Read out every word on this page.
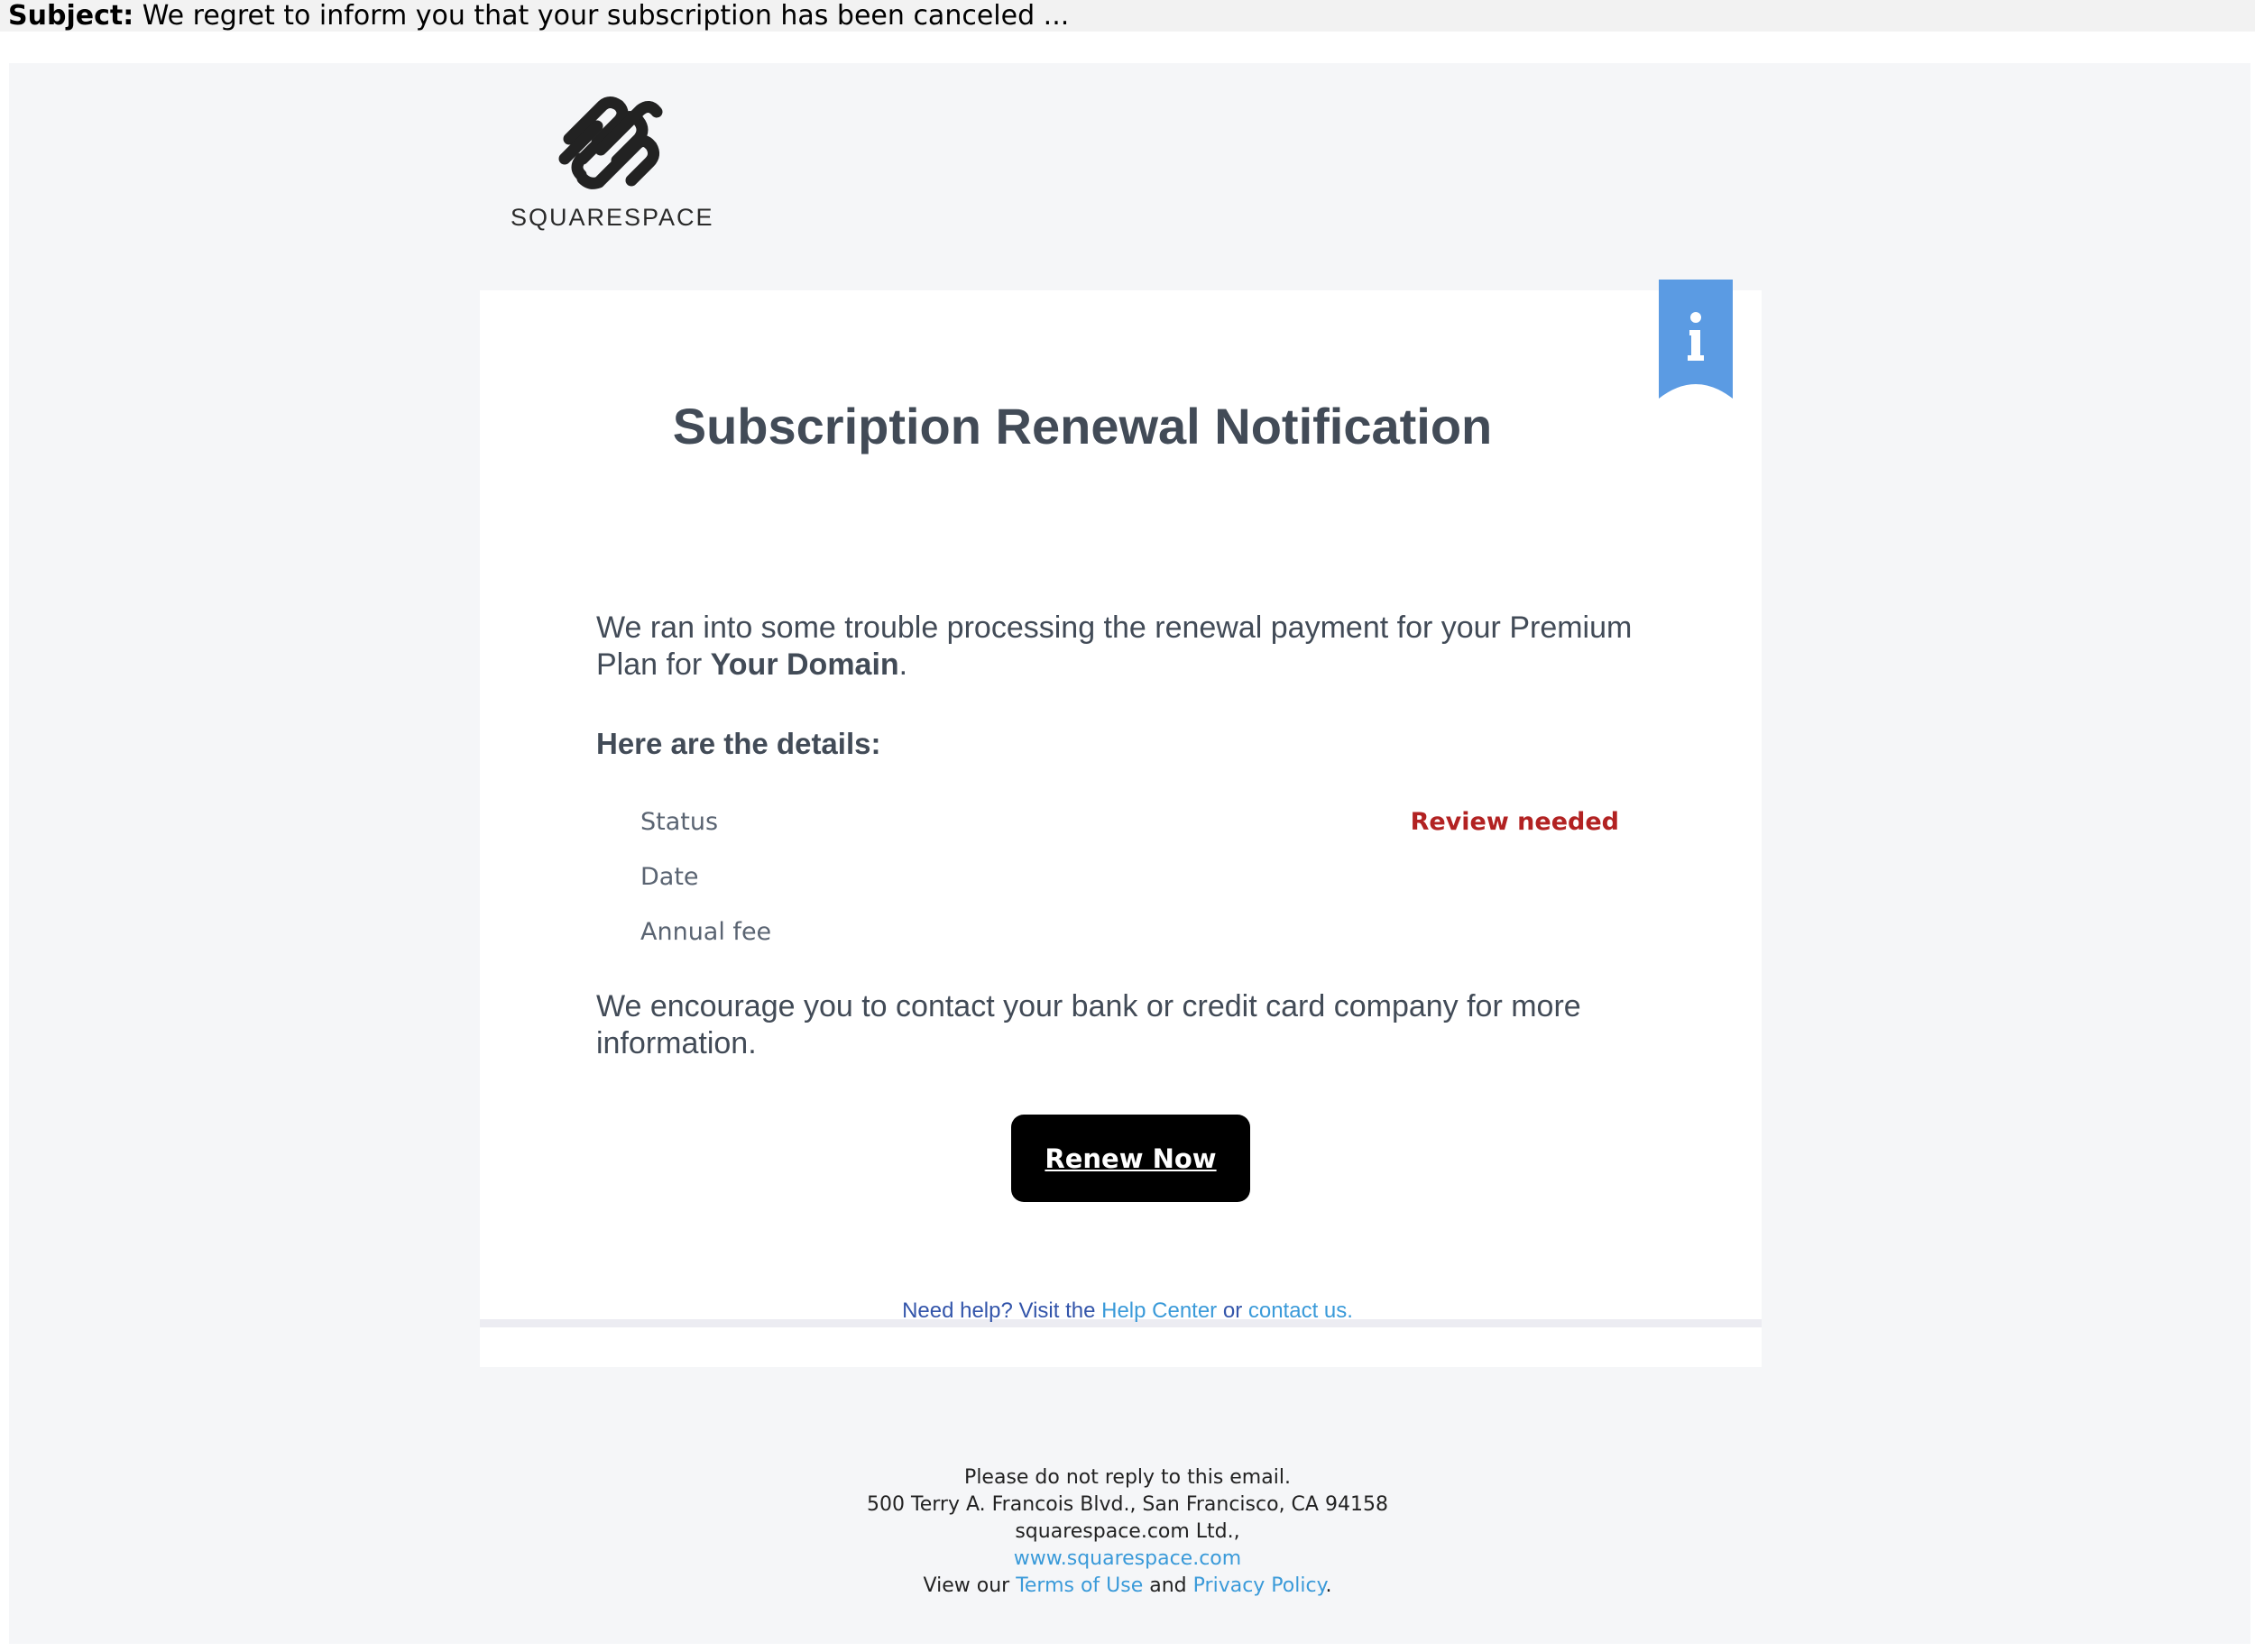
Subject: We regret to inform you that your subscription has been canceled ...
SQUARESPACE
Subscription Renewal Notification
We ran into some trouble processing the renewal payment for your Premium Plan for Your Domain.
Here are the details:
Status	Review needed
Date
Annual fee
We encourage you to contact your bank or credit card company for more information.
Renew Now
Need help? Visit the Help Center or contact us.
Please do not reply to this email.
500 Terry A. Francois Blvd., San Francisco, CA 94158
squarespace.com Ltd.,
www.squarespace.com
View our Terms of Use and Privacy Policy.
